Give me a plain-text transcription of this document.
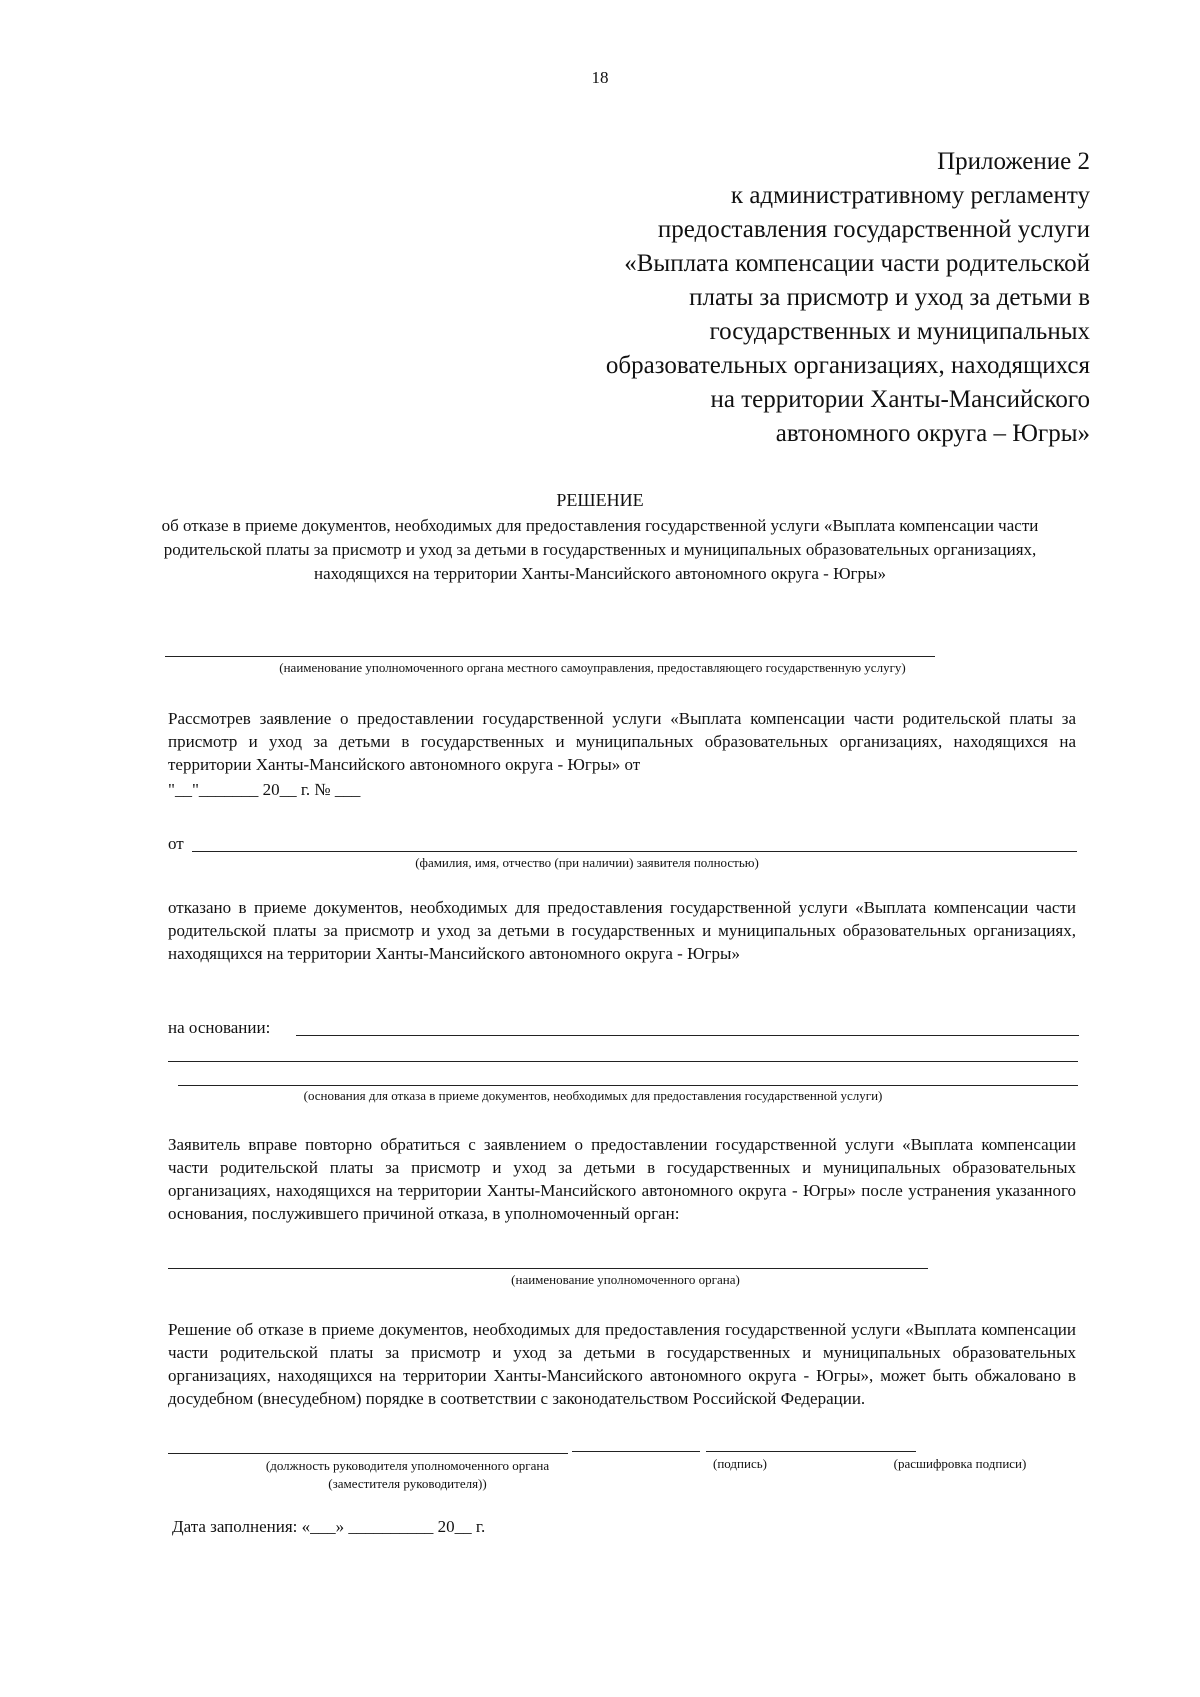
18
Приложение 2
к административному регламенту
предоставления государственной услуги
«Выплата компенсации части родительской
платы за присмотр и уход за детьми в
государственных и муниципальных
образовательных организациях, находящихся
на территории Ханты-Мансийского
автономного округа – Югры»
РЕШЕНИЕ
об отказе в приеме документов, необходимых для предоставления государственной услуги «Выплата компенсации части родительской платы за присмотр и уход за детьми в государственных и муниципальных образовательных организациях, находящихся на территории Ханты-Мансийского автономного округа - Югры»
(наименование уполномоченного органа местного самоуправления, предоставляющего государственную услугу)
Рассмотрев заявление о предоставлении государственной услуги «Выплата компенсации части родительской платы за присмотр и уход за детьми в государственных и муниципальных образовательных организациях, находящихся на территории Ханты-Мансийского автономного округа - Югры» от
"__"_______ 20__ г. № ___
от
(фамилия, имя, отчество (при наличии) заявителя полностью)
отказано в приеме документов, необходимых для предоставления государственной услуги «Выплата компенсации части родительской платы за присмотр и уход за детьми в государственных и муниципальных образовательных организациях, находящихся на территории Ханты-Мансийского автономного округа - Югры»
на основании:
(основания для отказа в приеме документов, необходимых для предоставления государственной услуги)
Заявитель вправе повторно обратиться с заявлением о предоставлении государственной услуги «Выплата компенсации части родительской платы за присмотр и уход за детьми в государственных и муниципальных образовательных организациях, находящихся на территории Ханты-Мансийского автономного округа - Югры» после устранения указанного основания, послужившего причиной отказа, в уполномоченный орган:
(наименование уполномоченного органа)
Решение об отказе в приеме документов, необходимых для предоставления государственной услуги «Выплата компенсации части родительской платы за присмотр и уход за детьми в государственных и муниципальных образовательных организациях, находящихся на территории Ханты-Мансийского автономного округа - Югры», может быть обжаловано в досудебном (внесудебном) порядке в соответствии с законодательством Российской Федерации.
(должность руководителя уполномоченного органа (заместителя руководителя))
(подпись)	(расшифровка подписи)
Дата заполнения: «___» __________ 20__ г.
